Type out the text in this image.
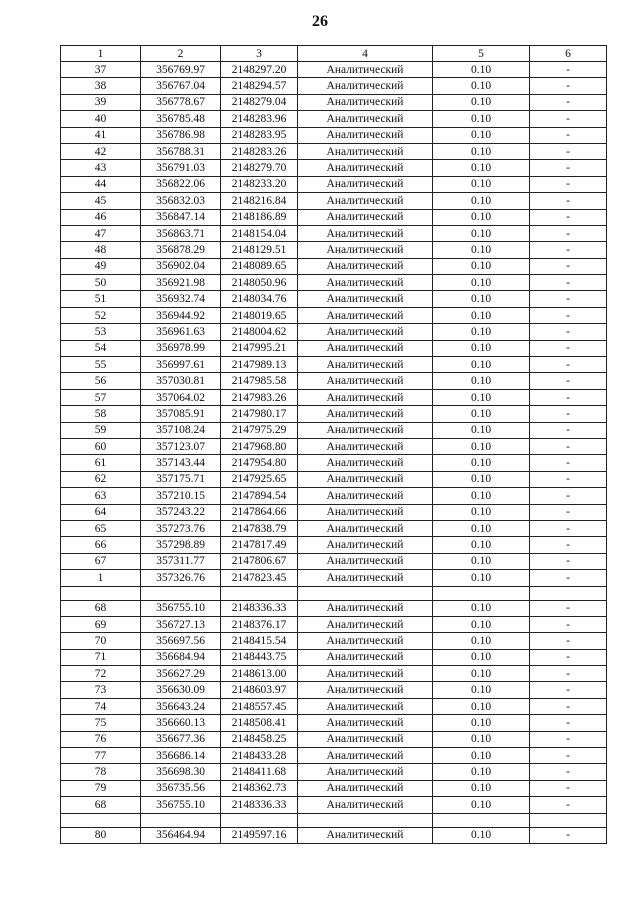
26
1	2	3	4	5	6
37	356769.97	2148297.20	Аналитический	0.10	-
38	356767.04	2148294.57	Аналитический	0.10	-
39	356778.67	2148279.04	Аналитический	0.10	-
40	356785.48	2148283.96	Аналитический	0.10	-
41	356786.98	2148283.95	Аналитический	0.10	-
42	356788.31	2148283.26	Аналитический	0.10	-
43	356791.03	2148279.70	Аналитический	0.10	-
44	356822.06	2148233.20	Аналитический	0.10	-
45	356832.03	2148216.84	Аналитический	0.10	-
46	356847.14	2148186.89	Аналитический	0.10	-
47	356863.71	2148154.04	Аналитический	0.10	-
48	356878.29	2148129.51	Аналитический	0.10	-
49	356902.04	2148089.65	Аналитический	0.10	-
50	356921.98	2148050.96	Аналитический	0.10	-
51	356932.74	2148034.76	Аналитический	0.10	-
52	356944.92	2148019.65	Аналитический	0.10	-
53	356961.63	2148004.62	Аналитический	0.10	-
54	356978.99	2147995.21	Аналитический	0.10	-
55	356997.61	2147989.13	Аналитический	0.10	-
56	357030.81	2147985.58	Аналитический	0.10	-
57	357064.02	2147983.26	Аналитический	0.10	-
58	357085.91	2147980.17	Аналитический	0.10	-
59	357108.24	2147975.29	Аналитический	0.10	-
60	357123.07	2147968.80	Аналитический	0.10	-
61	357143.44	2147954.80	Аналитический	0.10	-
62	357175.71	2147925.65	Аналитический	0.10	-
63	357210.15	2147894.54	Аналитический	0.10	-
64	357243.22	2147864.66	Аналитический	0.10	-
65	357273.76	2147838.79	Аналитический	0.10	-
66	357298.89	2147817.49	Аналитический	0.10	-
67	357311.77	2147806.67	Аналитический	0.10	-
1	357326.76	2147823.45	Аналитический	0.10	-

68	356755.10	2148336.33	Аналитический	0.10	-
69	356727.13	2148376.17	Аналитический	0.10	-
70	356697.56	2148415.54	Аналитический	0.10	-
71	356684.94	2148443.75	Аналитический	0.10	-
72	356627.29	2148613.00	Аналитический	0.10	-
73	356630.09	2148603.97	Аналитический	0.10	-
74	356643.24	2148557.45	Аналитический	0.10	-
75	356660.13	2148508.41	Аналитический	0.10	-
76	356677.36	2148458.25	Аналитический	0.10	-
77	356686.14	2148433.28	Аналитический	0.10	-
78	356698.30	2148411.68	Аналитический	0.10	-
79	356735.56	2148362.73	Аналитический	0.10	-
68	356755.10	2148336.33	Аналитический	0.10	-

80	356464.94	2149597.16	Аналитический	0.10	-
